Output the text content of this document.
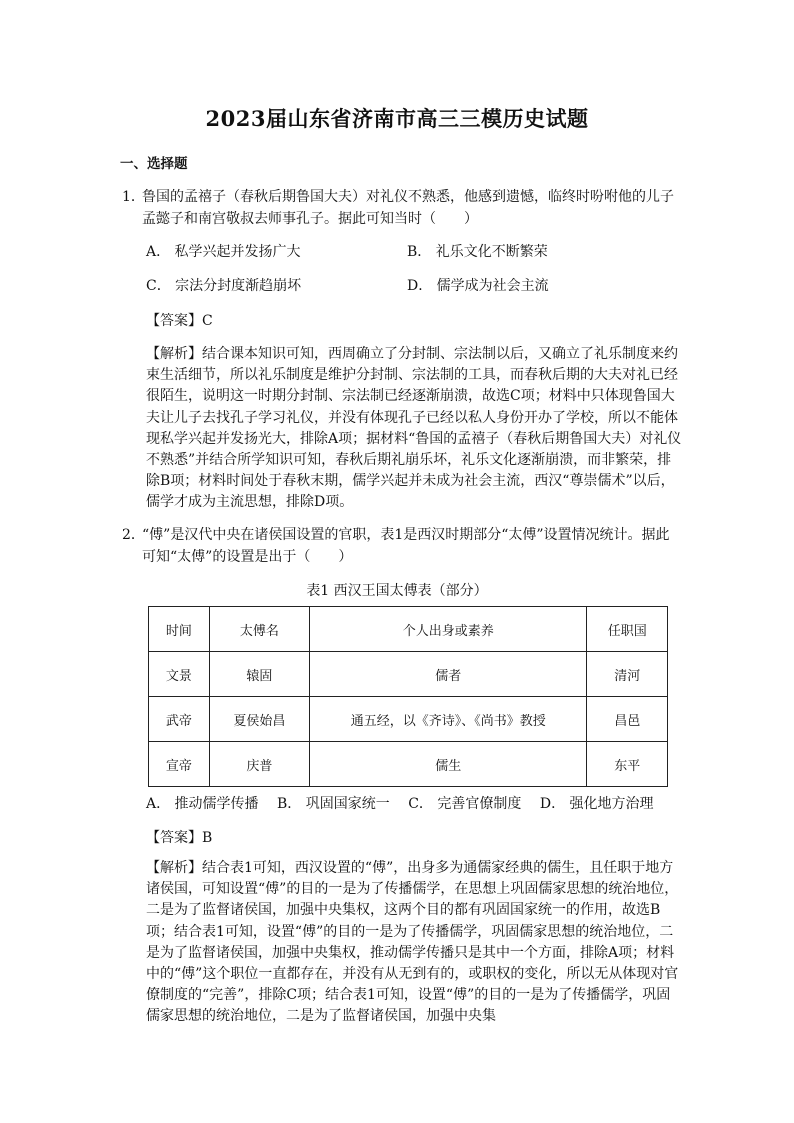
2023届山东省济南市高三三模历史试题
一、选择题
1．
鲁国的孟禧子（春秋后期鲁国大夫）对礼仪不熟悉，他感到遗憾，临终时吩咐他的儿子孟懿子和南宫敬叔去师事孔子。据此可知当时（　　）
A． 私学兴起并发扬广大	B． 礼乐文化不断繁荣
C． 宗法分封度渐趋崩坏	D． 儒学成为社会主流
【答案】C
【解析】结合课本知识可知，西周确立了分封制、宗法制以后，又确立了礼乐制度来约束生活细节，所以礼乐制度是维护分封制、宗法制的工具，而春秋后期的大夫对礼已经很陌生，说明这一时期分封制、宗法制已经逐渐崩溃，故选C项；材料中只体现鲁国大夫让儿子去找孔子学习礼仪，并没有体现孔子已经以私人身份开办了学校，所以不能体现私学兴起并发扬光大，排除A项；据材料“鲁国的孟禧子（春秋后期鲁国大夫）对礼仪不熟悉”并结合所学知识可知，春秋后期礼崩乐坏，礼乐文化逐渐崩溃，而非繁荣，排除B项；材料时间处于春秋末期，儒学兴起并未成为社会主流，西汉“尊崇儒术”以后，儒学才成为主流思想，排除D项。
2．
“傅”是汉代中央在诸侯国设置的官职，表1是西汉时期部分“太傅”设置情况统计。据此可知“太傅”的设置是出于（　　）
表1 西汉王国太傅表（部分）
时间	太傅名	个人出身或素养	任职国
文景	辕固	儒者	清河
武帝	夏侯始昌	通五经，以《齐诗》、《尚书》教授	昌邑
宣帝	庆普	儒生	东平
A． 推动儒学传播 B． 巩固国家统一 C． 完善官僚制度 D． 强化地方治理
【答案】B
【解析】结合表1可知，西汉设置的“傅”，出身多为通儒家经典的儒生，且任职于地方诸侯国，可知设置“傅”的目的一是为了传播儒学，在思想上巩固儒家思想的统治地位，二是为了监督诸侯国，加强中央集权，这两个目的都有巩固国家统一的作用，故选B项；结合表1可知，设置“傅”的目的一是为了传播儒学，巩固儒家思想的统治地位，二是为了监督诸侯国，加强中央集权，推动儒学传播只是其中一个方面，排除A项；材料中的“傅”这个职位一直都存在，并没有从无到有的，或职权的变化，所以无从体现对官僚制度的“完善”，排除C项；结合表1可知，设置“傅”的目的一是为了传播儒学，巩固儒家思想的统治地位，二是为了监督诸侯国，加强中央集
